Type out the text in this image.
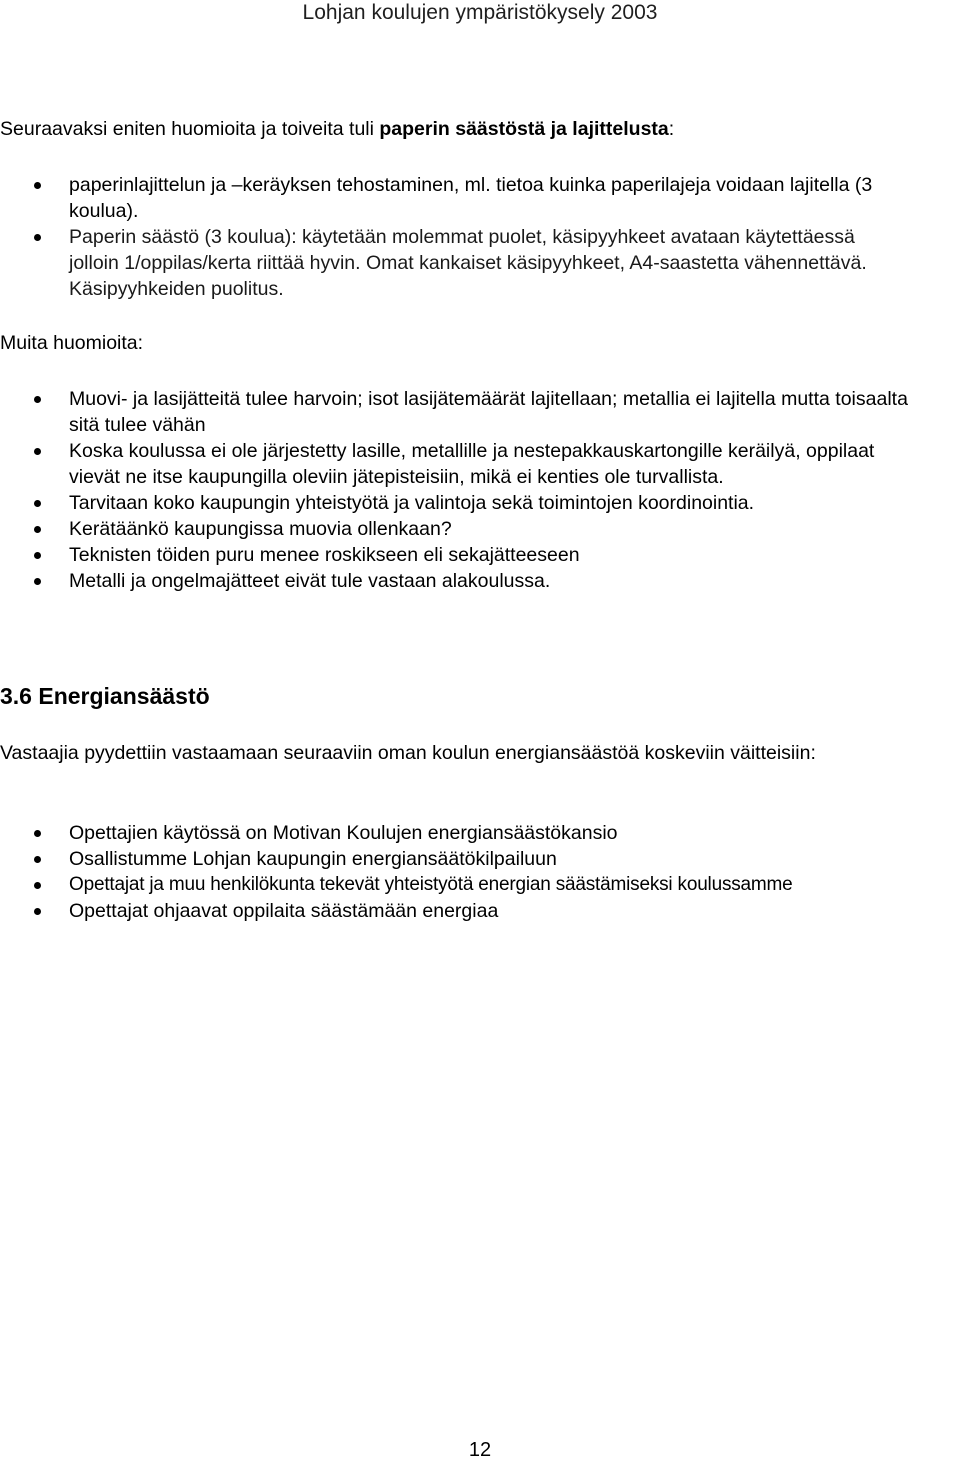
Lohjan koulujen ympäristökysely 2003

Seuraavaksi eniten huomioita ja toiveita tuli paperin säästöstä ja lajittelusta:

paperinlajittelun ja –keräyksen tehostaminen, ml. tietoa kuinka paperilajeja voidaan lajitella (3 koulua).
Paperin säästö (3 koulua): käytetään molemmat puolet, käsipyyhkeet avataan käytettäessä jolloin 1/oppilas/kerta riittää hyvin. Omat kankaiset käsipyyhkeet, A4-saastetta vähennettävä. Käsipyyhkeiden puolitus.

Muita huomioita:

Muovi- ja lasijätteitä tulee harvoin; isot lasijätemäärät lajitellaan; metallia ei lajitella mutta toisaalta sitä tulee vähän
Koska koulussa ei ole järjestetty lasille, metallille ja nestepakkauskartongille keräilyä, oppilaat vievät ne itse kaupungilla oleviin jätepisteisiin, mikä ei kenties ole turvallista.
Tarvitaan koko kaupungin yhteistyötä ja valintoja sekä toimintojen koordinointia.
Kerätäänkö kaupungissa muovia ollenkaan?
Teknisten töiden puru menee roskikseen eli sekajätteeseen
Metalli ja ongelmajätteet eivät tule vastaan alakoulussa.
3.6 Energiansäästö

Vastaajia pyydettiin vastaamaan seuraaviin oman koulun energiansäästöä koskeviin väitteisiin:

Opettajien käytössä on Motivan Koulujen energiansäästökansio
Osallistumme Lohjan kaupungin energiansäätökilpailuun
Opettajat ja muu henkilökunta tekevät yhteistyötä energian säästämiseksi koulussamme
Opettajat ohjaavat oppilaita säästämään energiaa
12
